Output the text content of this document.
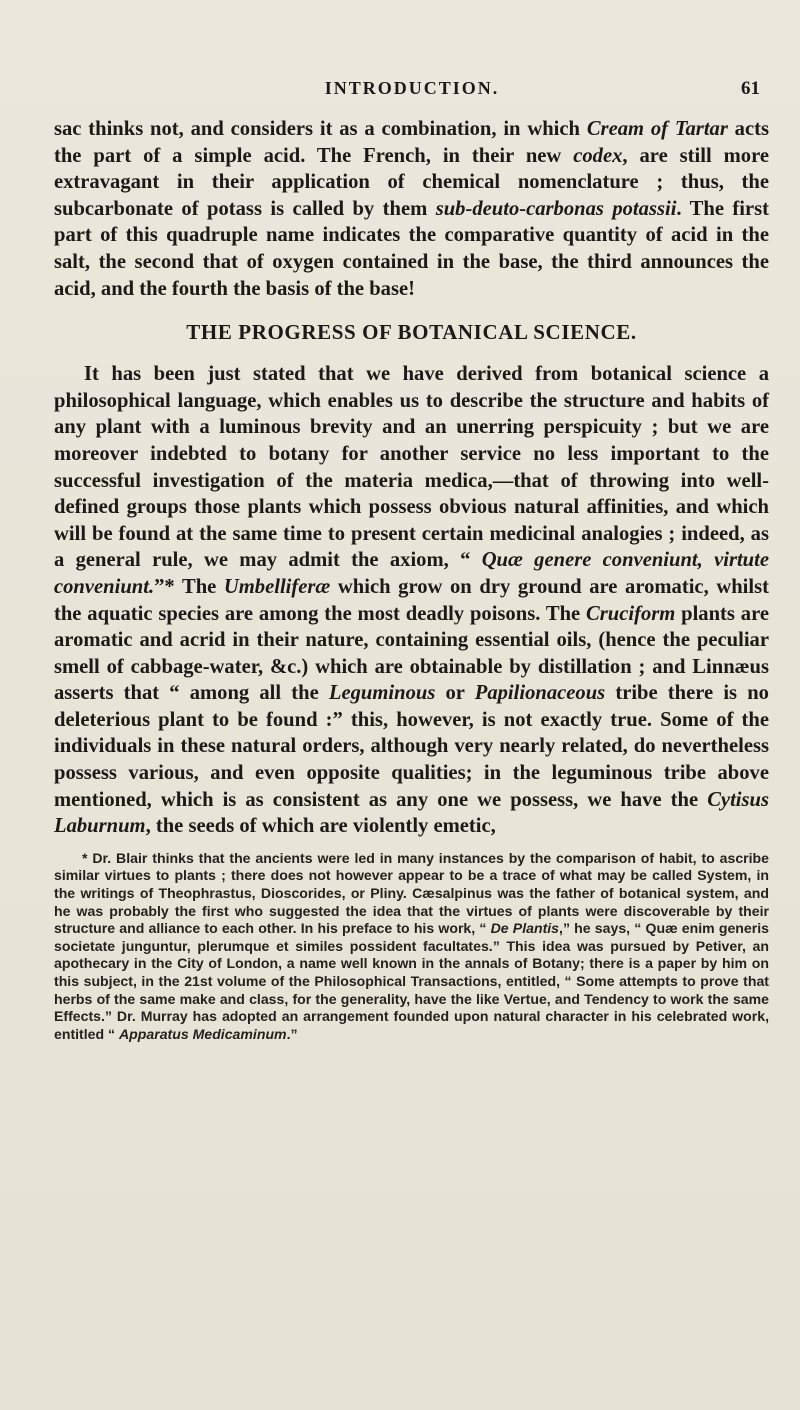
INTRODUCTION.	61

sac thinks not, and considers it as a combination, in which Cream of Tartar acts the part of a simple acid. The French, in their new codex, are still more extravagant in their application of chemical nomenclature ; thus, the subcarbonate of potass is called by them sub-deuto-carbonas potassii. The first part of this quadruple name indicates the comparative quantity of acid in the salt, the second that of oxygen contained in the base, the third announces the acid, and the fourth the basis of the base!

THE PROGRESS OF BOTANICAL SCIENCE.

It has been just stated that we have derived from botanical science a philosophical language, which enables us to describe the structure and habits of any plant with a luminous brevity and an unerring perspicuity ; but we are moreover indebted to botany for another service no less important to the successful investigation of the materia medica,—that of throwing into well-defined groups those plants which possess obvious natural affinities, and which will be found at the same time to present certain medicinal analogies ; indeed, as a general rule, we may admit the axiom, “ Quæ genere conveniunt, virtute conveniunt.”* The Umbelliferæ which grow on dry ground are aromatic, whilst the aquatic species are among the most deadly poisons. The Cruciform plants are aromatic and acrid in their nature, containing essential oils, (hence the peculiar smell of cabbage-water, &c.) which are obtainable by distillation ; and Linnæus asserts that “ among all the Leguminous or Papilionaceous tribe there is no deleterious plant to be found :” this, however, is not exactly true. Some of the individuals in these natural orders, although very nearly related, do nevertheless possess various, and even opposite qualities; in the leguminous tribe above mentioned, which is as consistent as any one we possess, we have the Cytisus Laburnum, the seeds of which are violently emetic,

* Dr. Blair thinks that the ancients were led in many instances by the comparison of habit, to ascribe similar virtues to plants ; there does not however appear to be a trace of what may be called System, in the writings of Theophrastus, Dioscorides, or Pliny. Cæsalpinus was the father of botanical system, and he was probably the first who suggested the idea that the virtues of plants were discoverable by their structure and alliance to each other. In his preface to his work, “ De Plantis,” he says, “ Quæ enim generis societate junguntur, plerumque et similes possident facultates.” This idea was pursued by Petiver, an apothecary in the City of London, a name well known in the annals of Botany; there is a paper by him on this subject, in the 21st volume of the Philosophical Transactions, entitled, “ Some attempts to prove that herbs of the same make and class, for the generality, have the like Vertue, and Tendency to work the same Effects.” Dr. Murray has adopted an arrangement founded upon natural character in his celebrated work, entitled “ Apparatus Medicaminum.”
